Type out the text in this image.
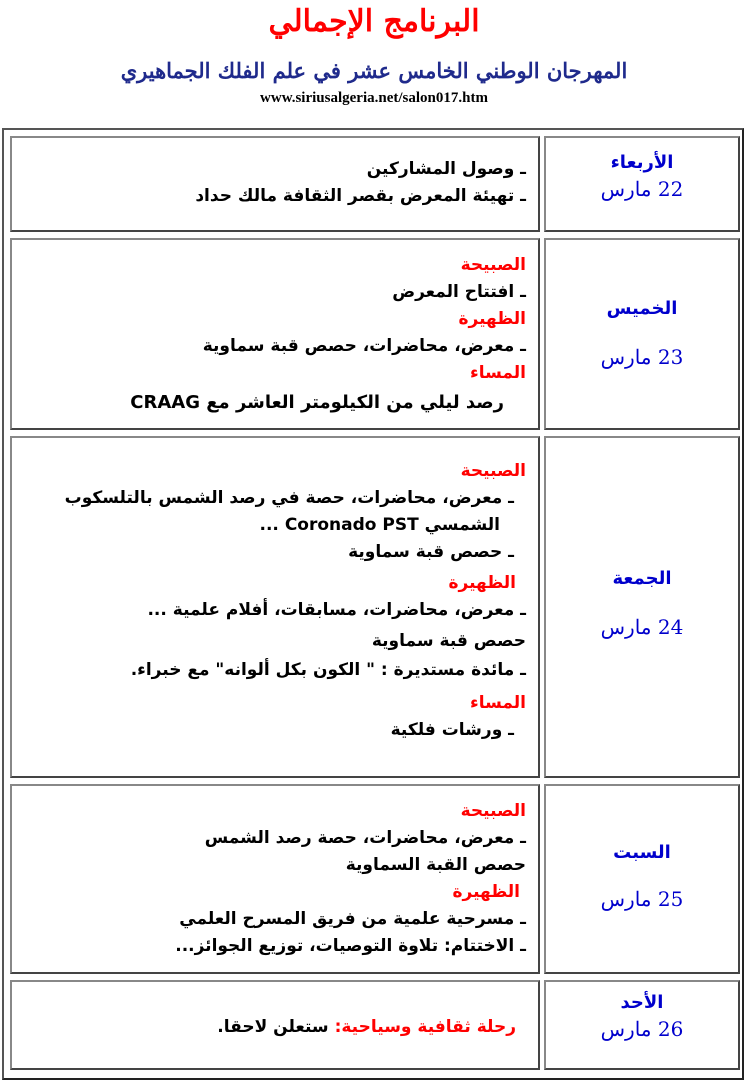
البرنامج الإجمالي
المهرجان الوطني الخامس عشر في علم الفلك الجماهيري
www.siriusalgeria.net/salon017.htm
ـ وصول المشاركين
ـ تهيئة المعرض بقصر الثقافة مالك حداد
الأربعاء
22 مارس
الصبيحة
ـ افتتاح المعرض
الظهيرة
ـ معرض، محاضرات، حصص قبة سماوية
المساء
رصد ليلي من الكيلومتر العاشر مع CRAAG
الخميس
23 مارس
الصبيحة
ـ معرض، محاضرات، حصة في رصد الشمس بالتلسكوب
الشمسي Coronado PST ...
ـ حصص قبة سماوية
الظهيرة
ـ معرض، محاضرات، مسابقات، أفلام علمية ...
حصص قبة سماوية
ـ مائدة مستديرة : " الكون بكل ألوانه" مع خبراء.
المساء
ـ ورشات فلكية
الجمعة
24 مارس
الصبيحة
ـ معرض، محاضرات، حصة رصد الشمس
حصص القبة السماوية
الظهيرة
ـ مسرحية علمية من فريق المسرح العلمي
ـ الاختتام: تلاوة التوصيات، توزيع الجوائز...
السبت
25 مارس
رحلة ثقافية وسياحية: ستعلن لاحقا.
الأحد
26 مارس
